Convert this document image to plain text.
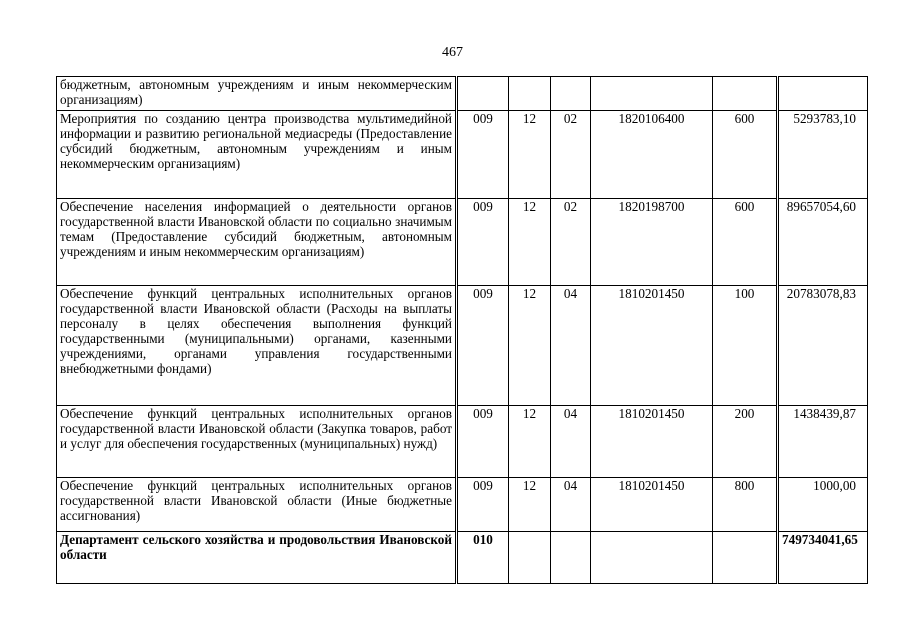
467
бюджетным, автономным учреждениям и иным некоммерческим организациям)						
Мероприятия по созданию центра производства мультимедийной информации и развитию региональной медиасреды (Предоставление субсидий бюджетным, автономным учреждениям и иным некоммерческим организациям)	009	12	02	1820106400	600	5293783,10
Обеспечение населения информацией о деятельности органов государственной власти Ивановской области по социально значимым темам (Предоставление субсидий бюджетным, автономным учреждениям и иным некоммерческим организациям)	009	12	02	1820198700	600	89657054,60
Обеспечение функций центральных исполнительных органов государственной власти Ивановской области (Расходы на выплаты персоналу в целях обеспечения выполнения функций государственными (муниципальными) органами, казенными учреждениями, органами управления государственными внебюджетными фондами)	009	12	04	1810201450	100	20783078,83
Обеспечение функций центральных исполнительных органов государственной власти Ивановской области (Закупка товаров, работ и услуг для обеспечения государственных (муниципальных) нужд)	009	12	04	1810201450	200	1438439,87
Обеспечение функций центральных исполнительных органов государственной власти Ивановской области (Иные бюджетные ассигнования)	009	12	04	1810201450	800	1000,00
Департамент сельского хозяйства и продовольствия Ивановской области	010					749734041,65
